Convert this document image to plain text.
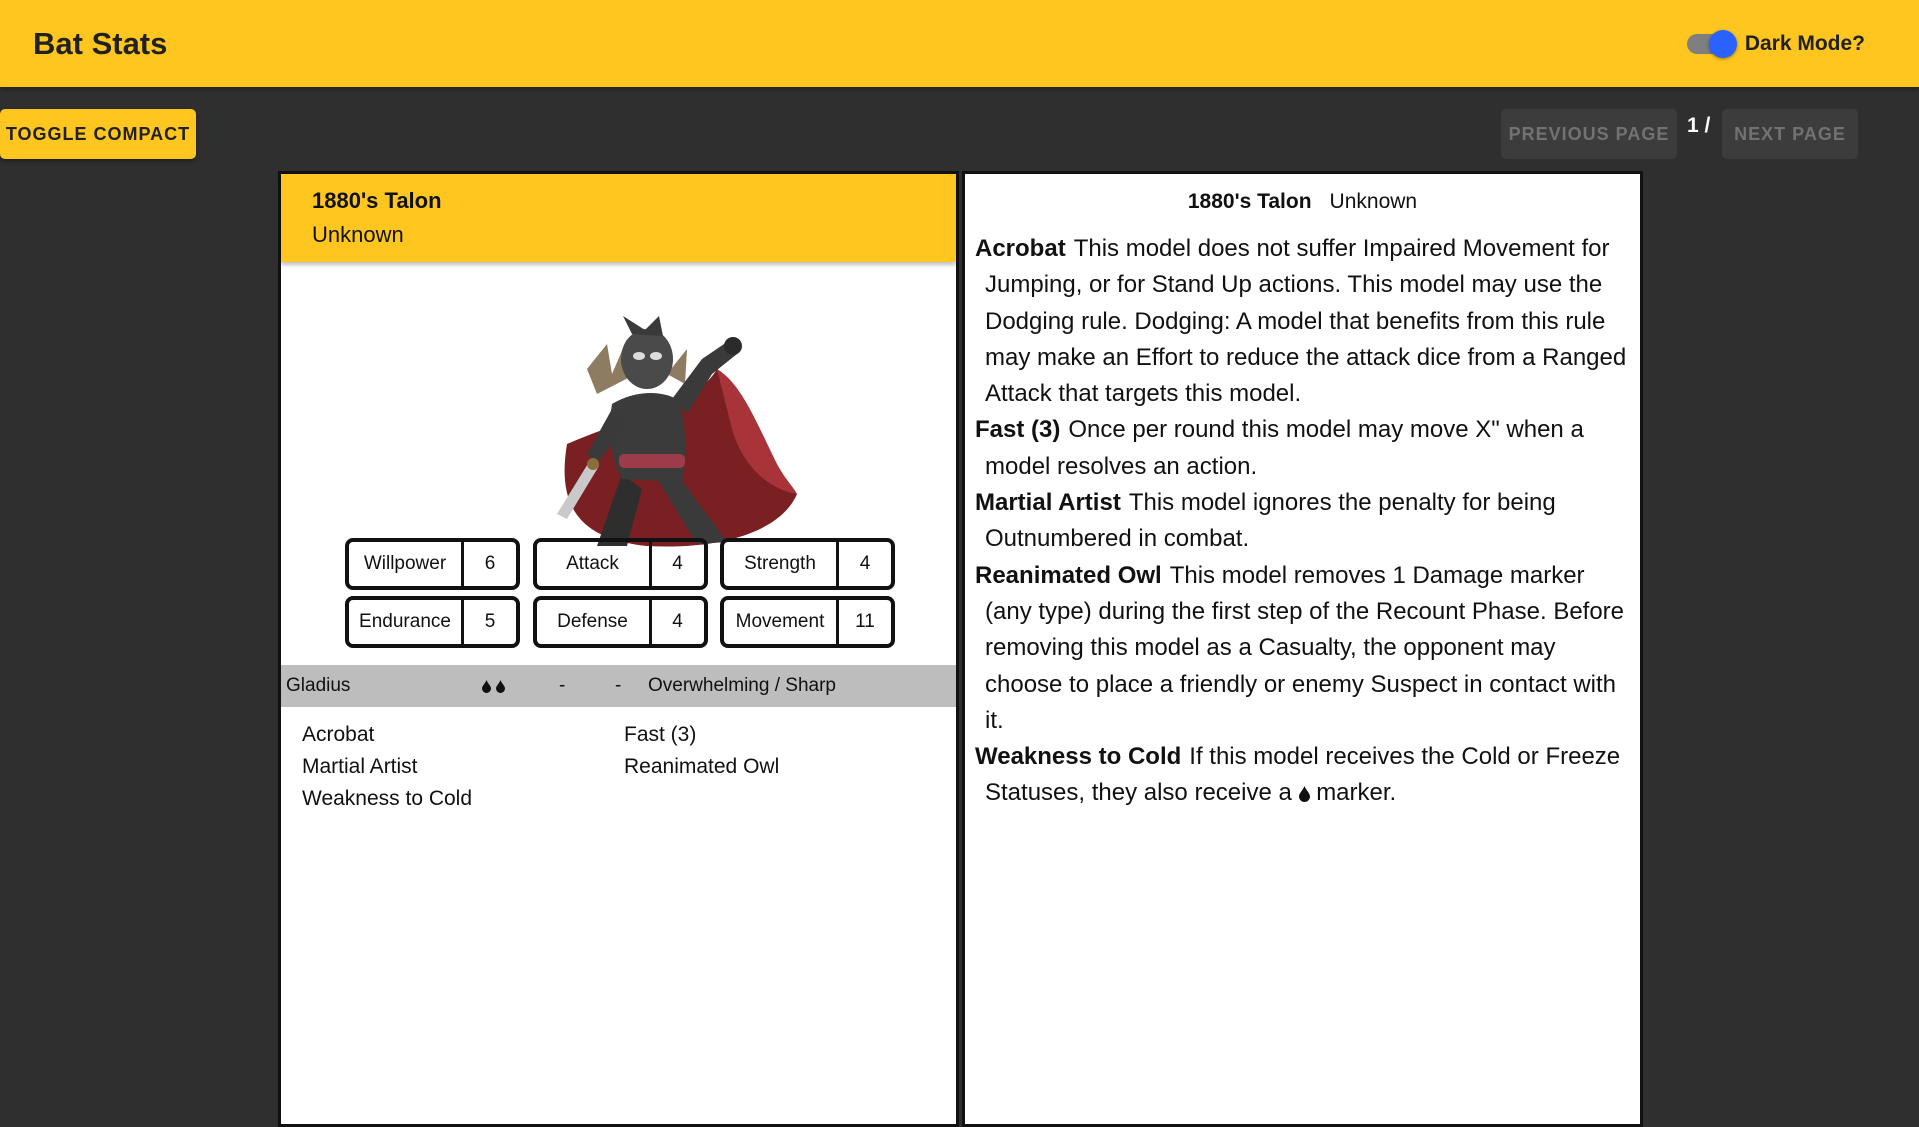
Bat Stats	Dark Mode?
TOGGLE COMPACT	PREVIOUS PAGE 1 /	NEXT PAGE
1880's Talon
Unknown
Willpower	6	Attack	4	Strength	4
Endurance	5	Defense	4	Movement	11
Gladius	-	- Overwhelming / Sharp
Acrobat	Fast (3)
Martial Artist	Reanimated Owl
Weakness to Cold
1880's Talon Unknown
Acrobat This model does not suffer Impaired Movement for Jumping, or for Stand Up actions. This model may use the Dodging rule. Dodging: A model that benefits from this rule may make an Effort to reduce the attack dice from a Ranged Attack that targets this model.
Fast (3) Once per round this model may move X" when a model resolves an action.
Martial Artist This model ignores the penalty for being Outnumbered in combat.
Reanimated Owl This model removes 1 Damage marker (any type) during the first step of the Recount Phase. Before removing this model as a Casualty, the opponent may choose to place a friendly or enemy Suspect in contact with it.
Weakness to Cold If this model receives the Cold or Freeze Statuses, they also receive a marker.
